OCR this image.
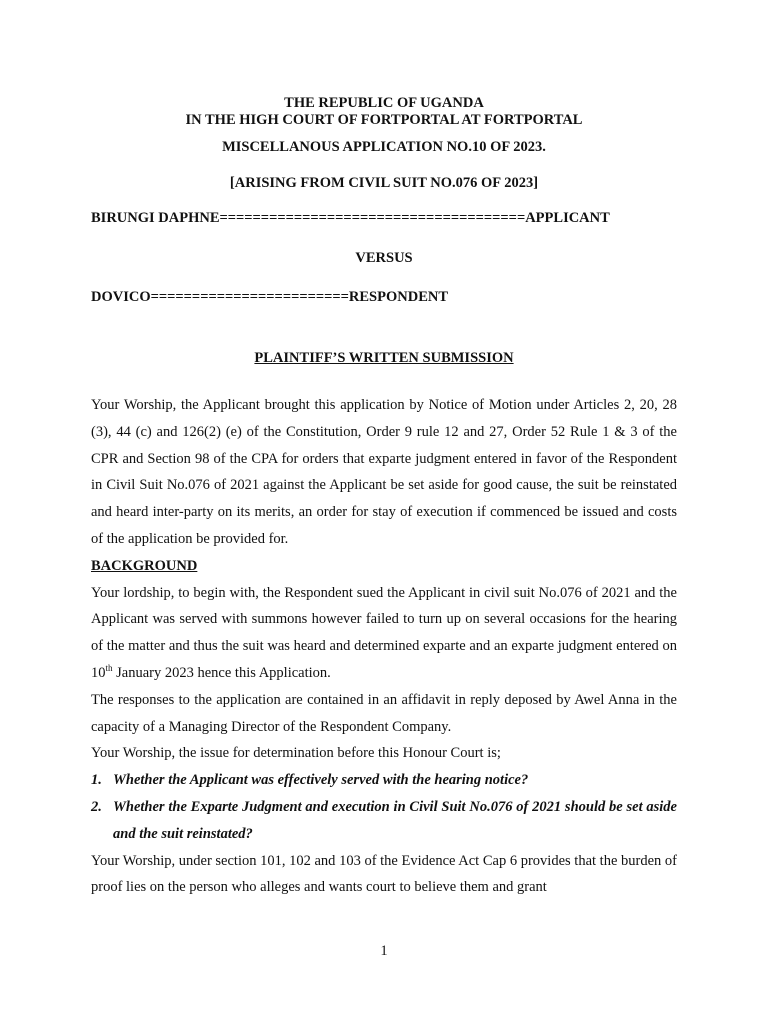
THE REPUBLIC OF UGANDA

IN THE HIGH COURT OF FORTPORTAL AT FORTPORTAL

MISCELLANOUS APPLICATION NO.10 OF 2023.

[ARISING FROM CIVIL SUIT NO.076 OF 2023]

BIRUNGI DAPHNE=====================================APPLICANT
VERSUS
DOVICO========================RESPONDENT
PLAINTIFF’S WRITTEN SUBMISSION

Your Worship, the Applicant brought this application by Notice of Motion under Articles 2, 20, 28 (3), 44 (c) and 126(2) (e) of the Constitution, Order 9 rule 12 and 27, Order 52 Rule 1 & 3 of the CPR and Section 98 of the CPA for orders that exparte judgment entered in favor of the Respondent in Civil Suit No.076 of 2021 against the Applicant be set aside for good cause, the suit be reinstated and heard inter-party on its merits, an order for stay of execution if commenced be issued and costs of the application be provided for.

BACKGROUND

Your lordship, to begin with, the Respondent sued the Applicant in civil suit No.076 of 2021 and the Applicant was served with summons however failed to turn up on several occasions for the hearing of the matter and thus the suit was heard and determined exparte and an exparte judgment entered on 10th January 2023 hence this Application.

The responses to the application are contained in an affidavit in reply deposed by Awel Anna in the capacity of a Managing Director of the Respondent Company.

Your Worship, the issue for determination before this Honour Court is;

1. Whether the Applicant was effectively served with the hearing notice?
2. Whether the Exparte Judgment and execution in Civil Suit No.076 of 2021 should be set aside and the suit reinstated?

Your Worship, under section 101, 102 and 103 of the Evidence Act Cap 6 provides that the burden of proof lies on the person who alleges and wants court to believe them and grant

1
